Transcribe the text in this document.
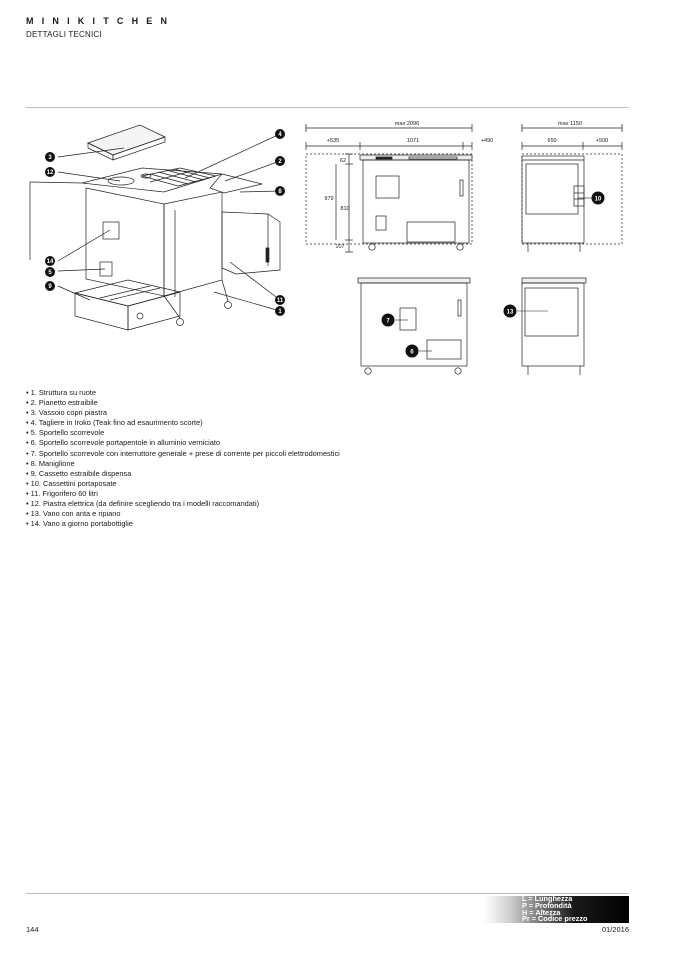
MINIKITCHEN
DETTAGLI TECNICI
max 2096
+535	1071	+490
62
979
810
107
max 1150
650	+500
4
2
8
3
12
14
5
9
11
1
10
7
6
13
• 1. Struttura su ruote
• 2. Pianetto estraibile
• 3. Vassoio copri piastra
• 4. Tagliere in Iroko (Teak fino ad esaurimento scorte)
• 5. Sportello scorrevole
• 6. Sportello scorrevole portapentole in alluminio verniciato
• 7. Sportello scorrevole con interruttore generale + prese di corrente per piccoli elettrodomestici
• 8. Maniglione
• 9. Cassetto estraibile dispensa
• 10. Cassettini portaposate
• 11. Frigorifero 60 litri
• 12. Piastra elettrica (da definire scegliendo tra i modelli raccomandati)
• 13. Vano con anta e ripiano
• 14. Vano a giorno portabottiglie
L = Lunghezza
P = Profondità
H = Altezza
Pr = Codice prezzo
144	01/2016
